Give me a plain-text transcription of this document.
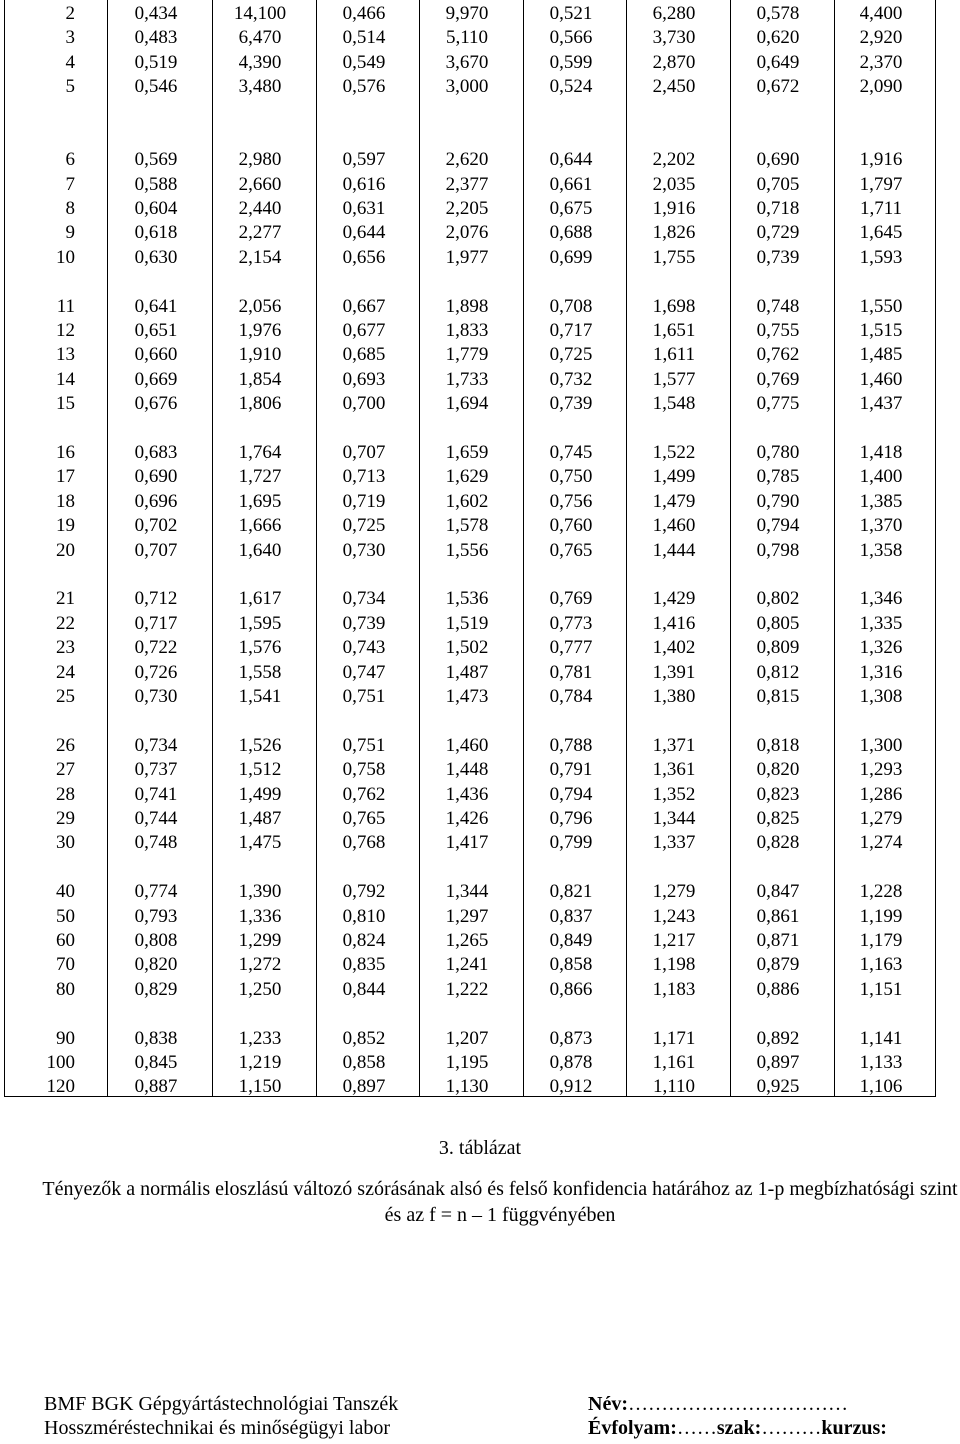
2	0,434	14,100	0,466	9,970	0,521	6,280	0,578	4,400
3	0,483	6,470	0,514	5,110	0,566	3,730	0,620	2,920
4	0,519	4,390	0,549	3,670	0,599	2,870	0,649	2,370
5	0,546	3,480	0,576	3,000	0,524	2,450	0,672	2,090
6	0,569	2,980	0,597	2,620	0,644	2,202	0,690	1,916
7	0,588	2,660	0,616	2,377	0,661	2,035	0,705	1,797
8	0,604	2,440	0,631	2,205	0,675	1,916	0,718	1,711
9	0,618	2,277	0,644	2,076	0,688	1,826	0,729	1,645
10	0,630	2,154	0,656	1,977	0,699	1,755	0,739	1,593
11	0,641	2,056	0,667	1,898	0,708	1,698	0,748	1,550
12	0,651	1,976	0,677	1,833	0,717	1,651	0,755	1,515
13	0,660	1,910	0,685	1,779	0,725	1,611	0,762	1,485
14	0,669	1,854	0,693	1,733	0,732	1,577	0,769	1,460
15	0,676	1,806	0,700	1,694	0,739	1,548	0,775	1,437
16	0,683	1,764	0,707	1,659	0,745	1,522	0,780	1,418
17	0,690	1,727	0,713	1,629	0,750	1,499	0,785	1,400
18	0,696	1,695	0,719	1,602	0,756	1,479	0,790	1,385
19	0,702	1,666	0,725	1,578	0,760	1,460	0,794	1,370
20	0,707	1,640	0,730	1,556	0,765	1,444	0,798	1,358
21	0,712	1,617	0,734	1,536	0,769	1,429	0,802	1,346
22	0,717	1,595	0,739	1,519	0,773	1,416	0,805	1,335
23	0,722	1,576	0,743	1,502	0,777	1,402	0,809	1,326
24	0,726	1,558	0,747	1,487	0,781	1,391	0,812	1,316
25	0,730	1,541	0,751	1,473	0,784	1,380	0,815	1,308
26	0,734	1,526	0,751	1,460	0,788	1,371	0,818	1,300
27	0,737	1,512	0,758	1,448	0,791	1,361	0,820	1,293
28	0,741	1,499	0,762	1,436	0,794	1,352	0,823	1,286
29	0,744	1,487	0,765	1,426	0,796	1,344	0,825	1,279
30	0,748	1,475	0,768	1,417	0,799	1,337	0,828	1,274
40	0,774	1,390	0,792	1,344	0,821	1,279	0,847	1,228
50	0,793	1,336	0,810	1,297	0,837	1,243	0,861	1,199
60	0,808	1,299	0,824	1,265	0,849	1,217	0,871	1,179
70	0,820	1,272	0,835	1,241	0,858	1,198	0,879	1,163
80	0,829	1,250	0,844	1,222	0,866	1,183	0,886	1,151
90	0,838	1,233	0,852	1,207	0,873	1,171	0,892	1,141
100	0,845	1,219	0,858	1,195	0,878	1,161	0,897	1,133
120	0,887	1,150	0,897	1,130	0,912	1,110	0,925	1,106
3. táblázat
Tényezők a normális eloszlású változó szórásának alsó és felső konfidencia határához az 1-p megbízhatósági szint és az f = n – 1 függvényében
BMF BGK Gépgyártástechnológiai Tanszék
Hosszméréstechnikai és minőségügyi labor
Név:……………………………
Évfolyam:……szak:………kurzus:
